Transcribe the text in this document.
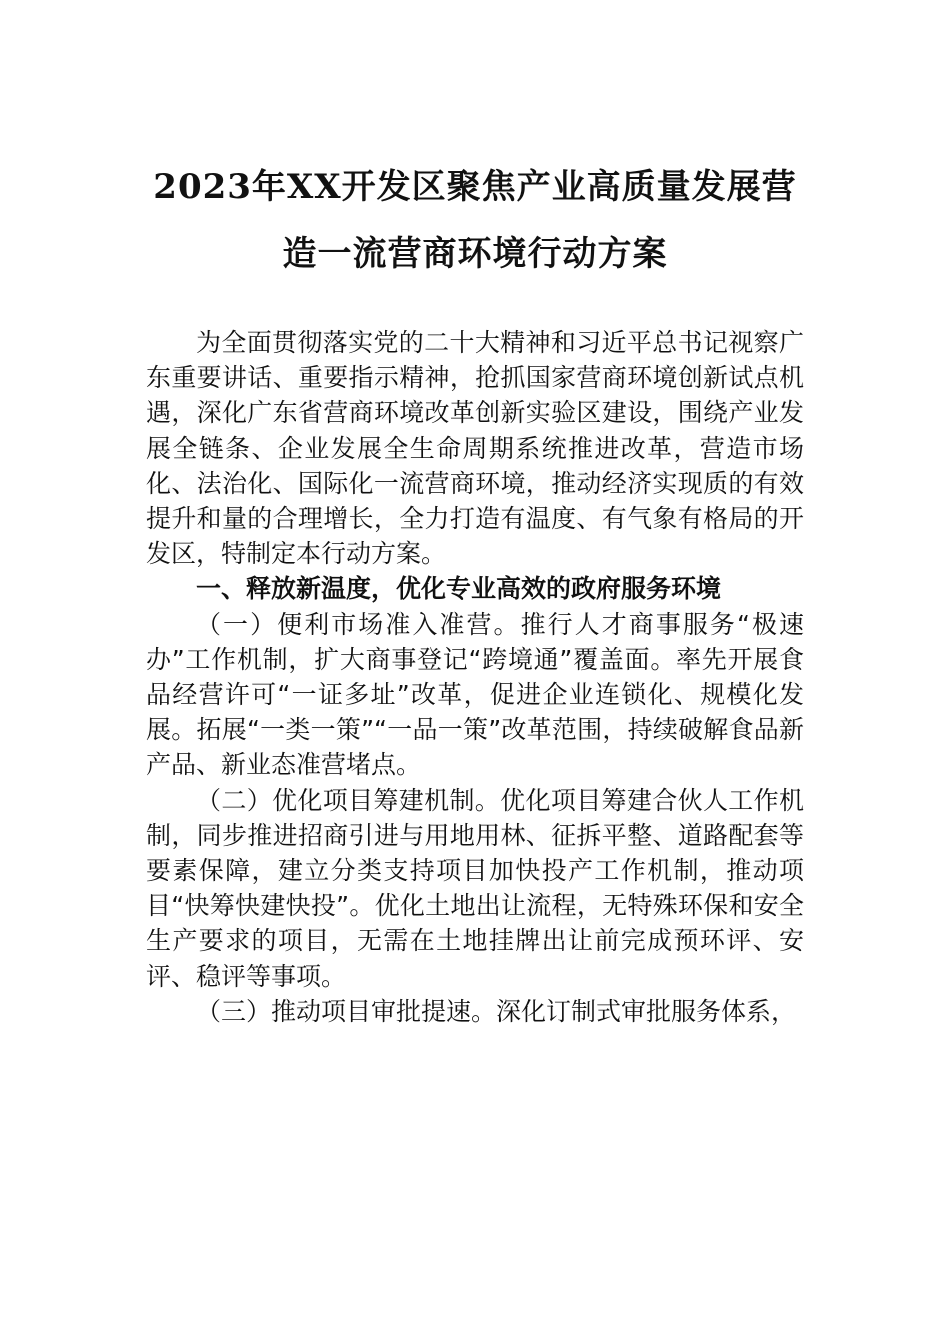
2023年XX开发区聚焦产业高质量发展营
造一流营商环境行动方案

为全面贯彻落实党的二十大精神和习近平总书记视察广东重要讲话、重要指示精神，抢抓国家营商环境创新试点机遇，深化广东省营商环境改革创新实验区建设，围绕产业发展全链条、企业发展全生命周期系统推进改革，营造市场化、法治化、国际化一流营商环境，推动经济实现质的有效提升和量的合理增长，全力打造有温度、有气象有格局的开发区，特制定本行动方案。

一、释放新温度，优化专业高效的政府服务环境

（一）便利市场准入准营。推行人才商事服务“极速办”工作机制，扩大商事登记“跨境通”覆盖面。率先开展食品经营许可“一证多址”改革，促进企业连锁化、规模化发展。拓展“一类一策”“一品一策”改革范围，持续破解食品新产品、新业态准营堵点。

（二）优化项目筹建机制。优化项目筹建合伙人工作机制，同步推进招商引进与用地用林、征拆平整、道路配套等要素保障，建立分类支持项目加快投产工作机制，推动项目“快筹快建快投”。优化土地出让流程，无特殊环保和安全生产要求的项目，无需在土地挂牌出让前完成预环评、安评、稳评等事项。

（三）推动项目审批提速。深化订制式审批服务体系，
